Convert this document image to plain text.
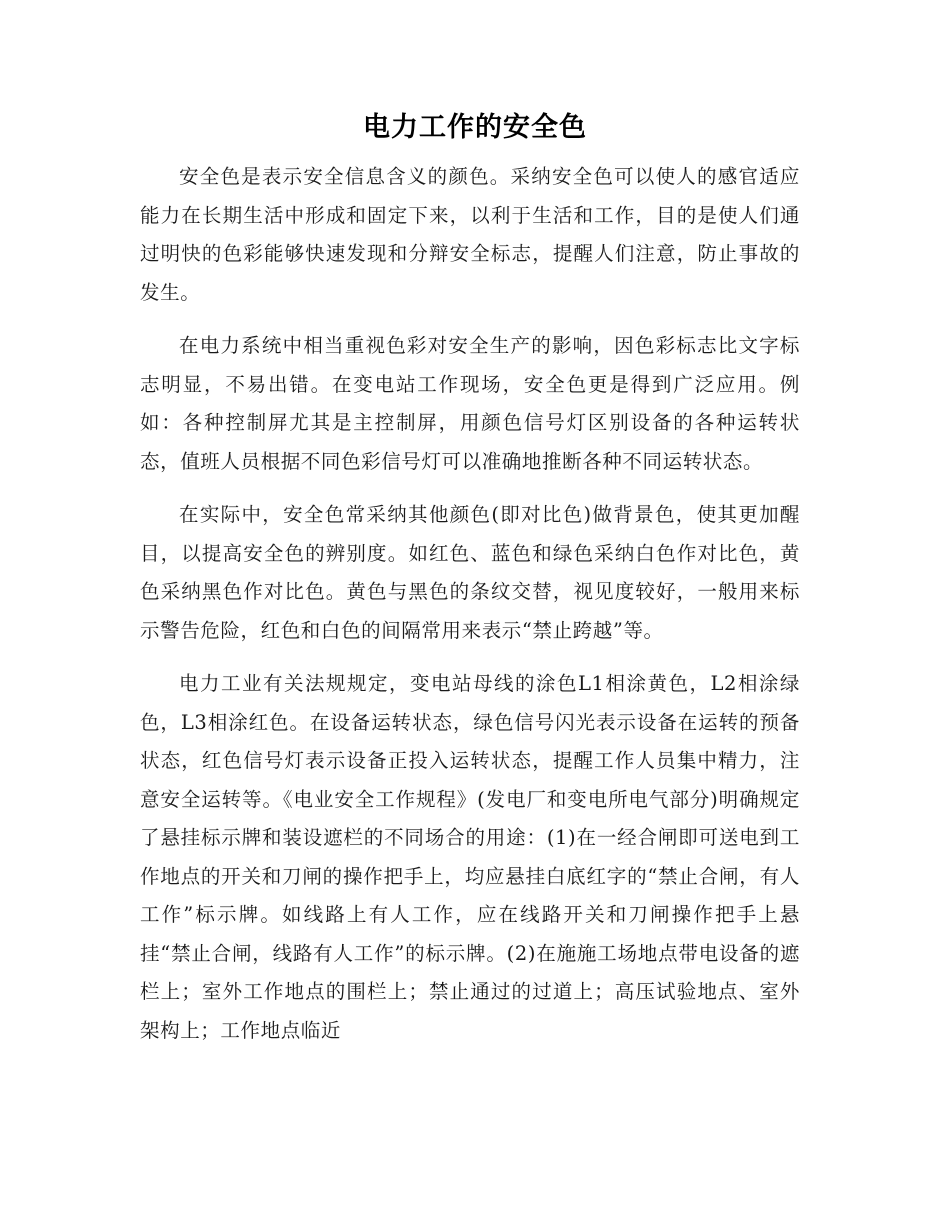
电力工作的安全色

安全色是表示安全信息含义的颜色。采纳安全色可以使人的感官适应能力在长期生活中形成和固定下来，以利于生活和工作，目的是使人们通过明快的色彩能够快速发现和分辩安全标志，提醒人们注意，防止事故的发生。

在电力系统中相当重视色彩对安全生产的影响，因色彩标志比文字标志明显，不易出错。在变电站工作现场，安全色更是得到广泛应用。例如：各种控制屏尤其是主控制屏，用颜色信号灯区别设备的各种运转状态，值班人员根据不同色彩信号灯可以准确地推断各种不同运转状态。

在实际中，安全色常采纳其他颜色(即对比色)做背景色，使其更加醒目，以提高安全色的辨别度。如红色、蓝色和绿色采纳白色作对比色，黄色采纳黑色作对比色。黄色与黑色的条纹交替，视见度较好，一般用来标示警告危险，红色和白色的间隔常用来表示“禁止跨越”等。

电力工业有关法规规定，变电站母线的涂色L1相涂黄色，L2相涂绿色，L3相涂红色。在设备运转状态，绿色信号闪光表示设备在运转的预备状态，红色信号灯表示设备正投入运转状态，提醒工作人员集中精力，注意安全运转等。《电业安全工作规程》(发电厂和变电所电气部分)明确规定了悬挂标示牌和装设遮栏的不同场合的用途：(1)在一经合闸即可送电到工作地点的开关和刀闸的操作把手上，均应悬挂白底红字的“禁止合闸，有人工作”标示牌。如线路上有人工作，应在线路开关和刀闸操作把手上悬挂“禁止合闸，线路有人工作”的标示牌。(2)在施施工场地点带电设备的遮栏上；室外工作地点的围栏上；禁止通过的过道上；高压试验地点、室外架构上；工作地点临近
